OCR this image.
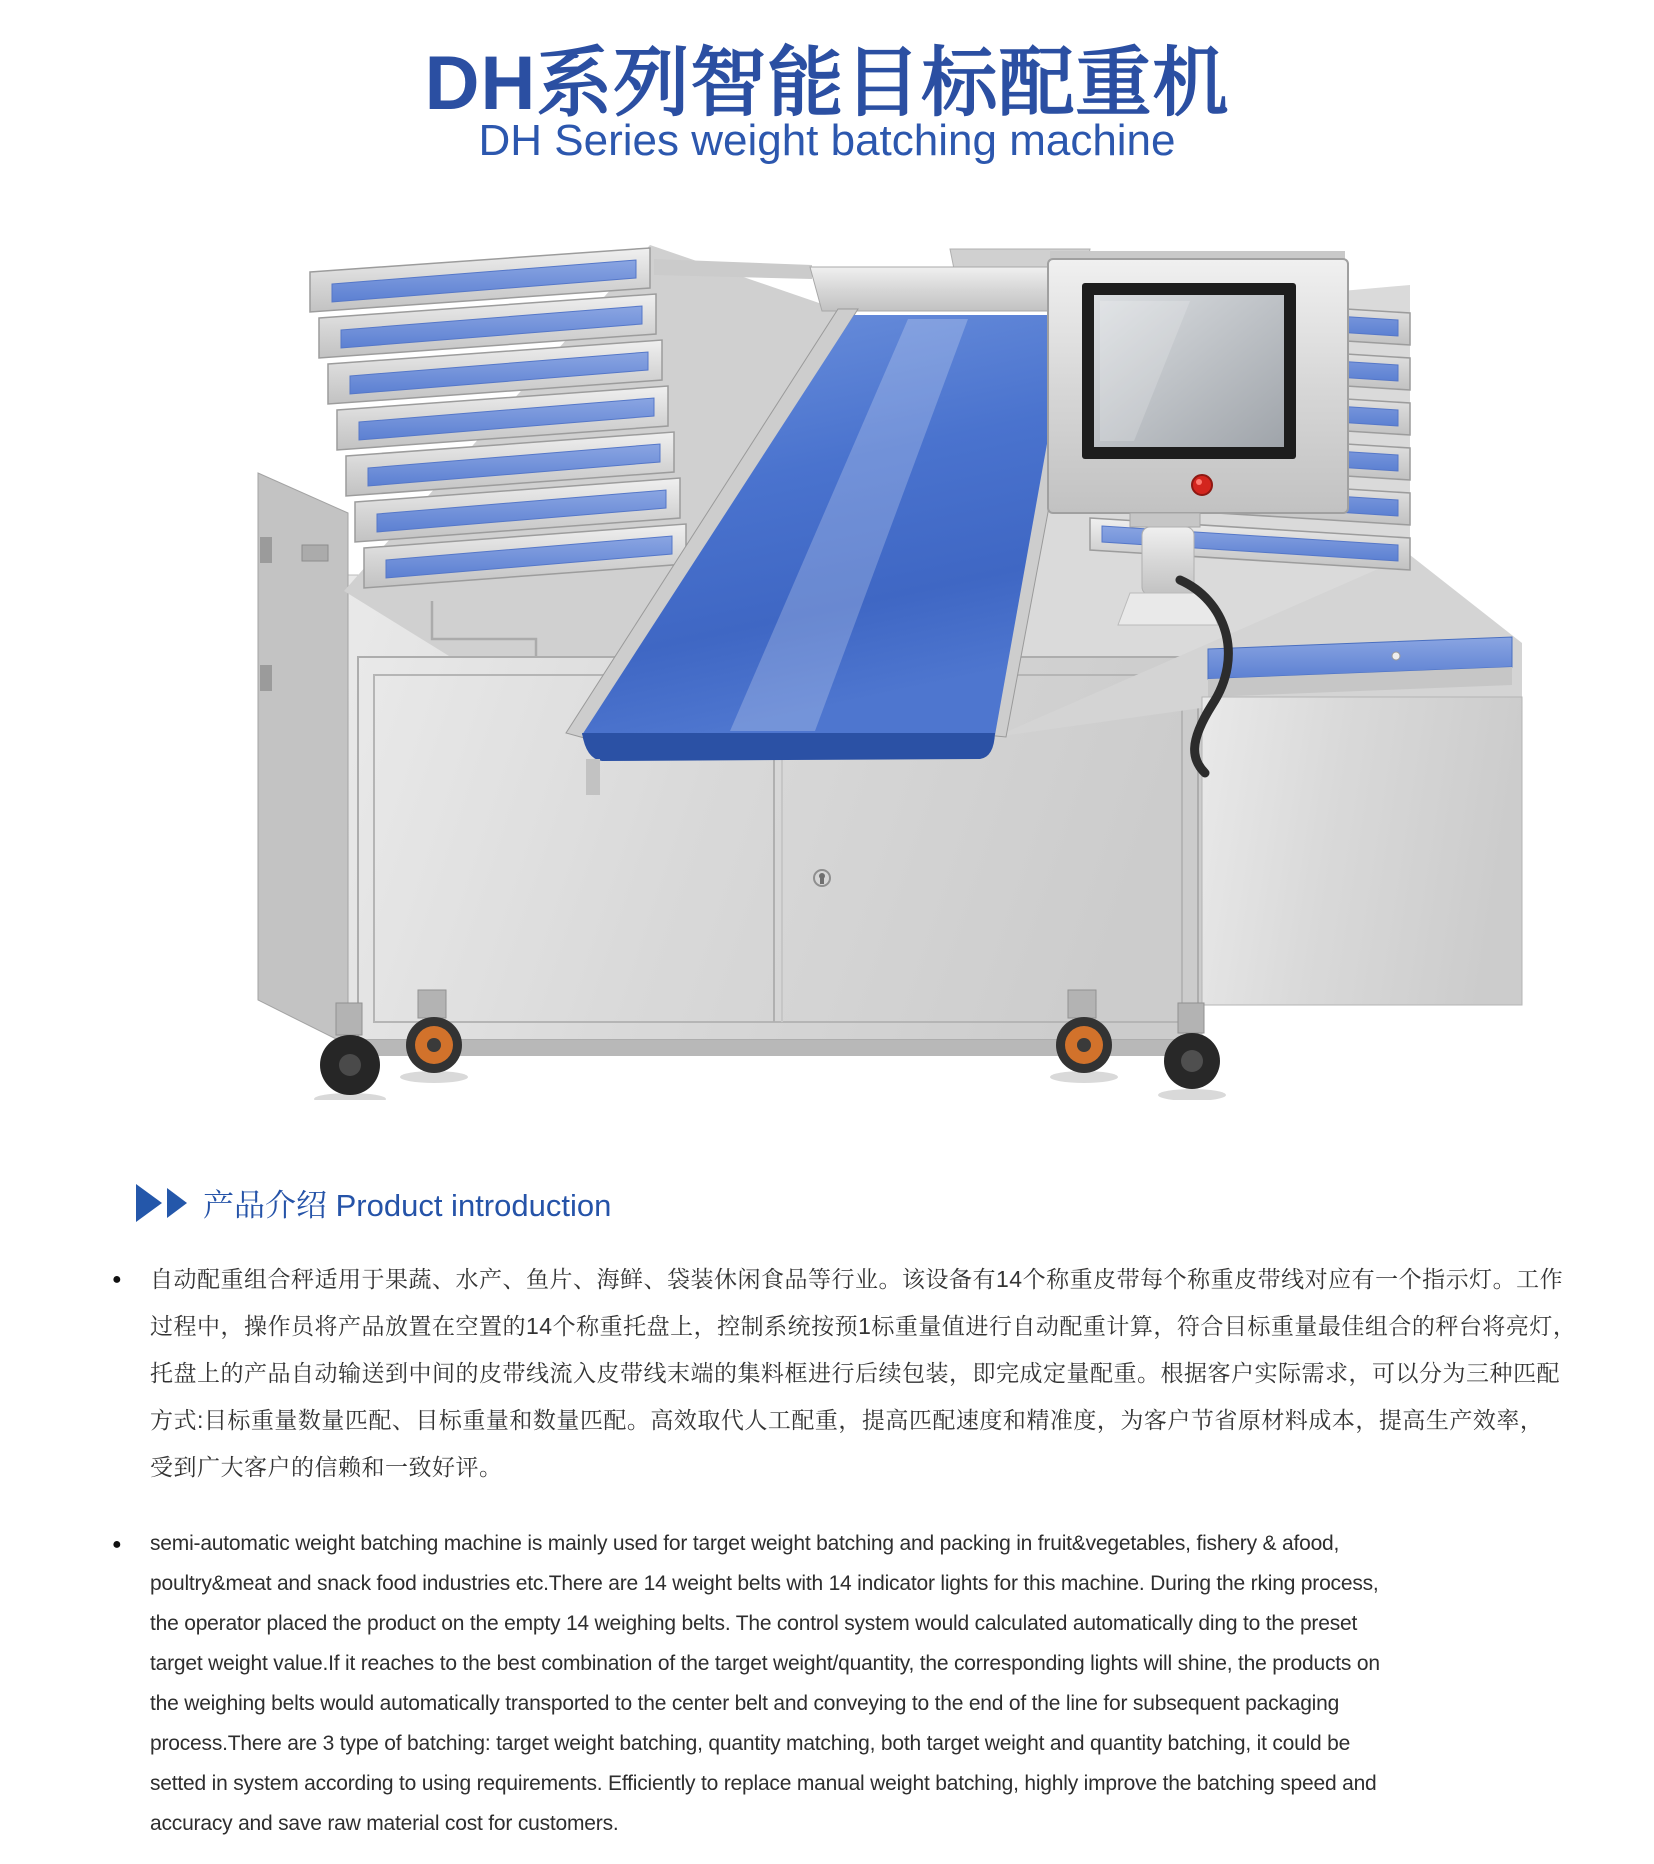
DH系列智能目标配重机
DH Series weight batching machine
产品介绍 Product introduction
● 自动配重组合秤适用于果蔬、水产、鱼片、海鲜、袋装休闲食品等行业。该设备有14个称重皮带每个称重皮带线对应有一个指示灯。工作
过程中，操作员将产品放置在空置的14个称重托盘上，控制系统按预1标重量值进行自动配重计算，符合目标重量最佳组合的秤台将亮灯，
托盘上的产品自动输送到中间的皮带线流入皮带线末端的集料框进行后续包装，即完成定量配重。根据客户实际需求，可以分为三种匹配
方式:目标重量数量匹配、目标重量和数量匹配。高效取代人工配重，提高匹配速度和精准度，为客户节省原材料成本，提高生产效率，
受到广大客户的信赖和一致好评。
● semi-automatic weight batching machine is mainly used for target weight batching and packing in fruit&vegetables, fishery & afood,
poultry&meat and snack food industries etc.There are 14 weight belts with 14 indicator lights for this machine. During the rking process,
the operator placed the product on the empty 14 weighing belts. The control system would calculated automatically ding to the preset
target weight value.If it reaches to the best combination of the target weight/quantity, the corresponding lights will shine, the products on
the weighing belts would automatically transported to the center belt and conveying to the end of the line for subsequent packaging
process.There are 3 type of batching: target weight batching, quantity matching, both target weight and quantity batching, it could be
setted in system according to using requirements. Efficiently to replace manual weight batching, highly improve the batching speed and
accuracy and save raw material cost for customers.
